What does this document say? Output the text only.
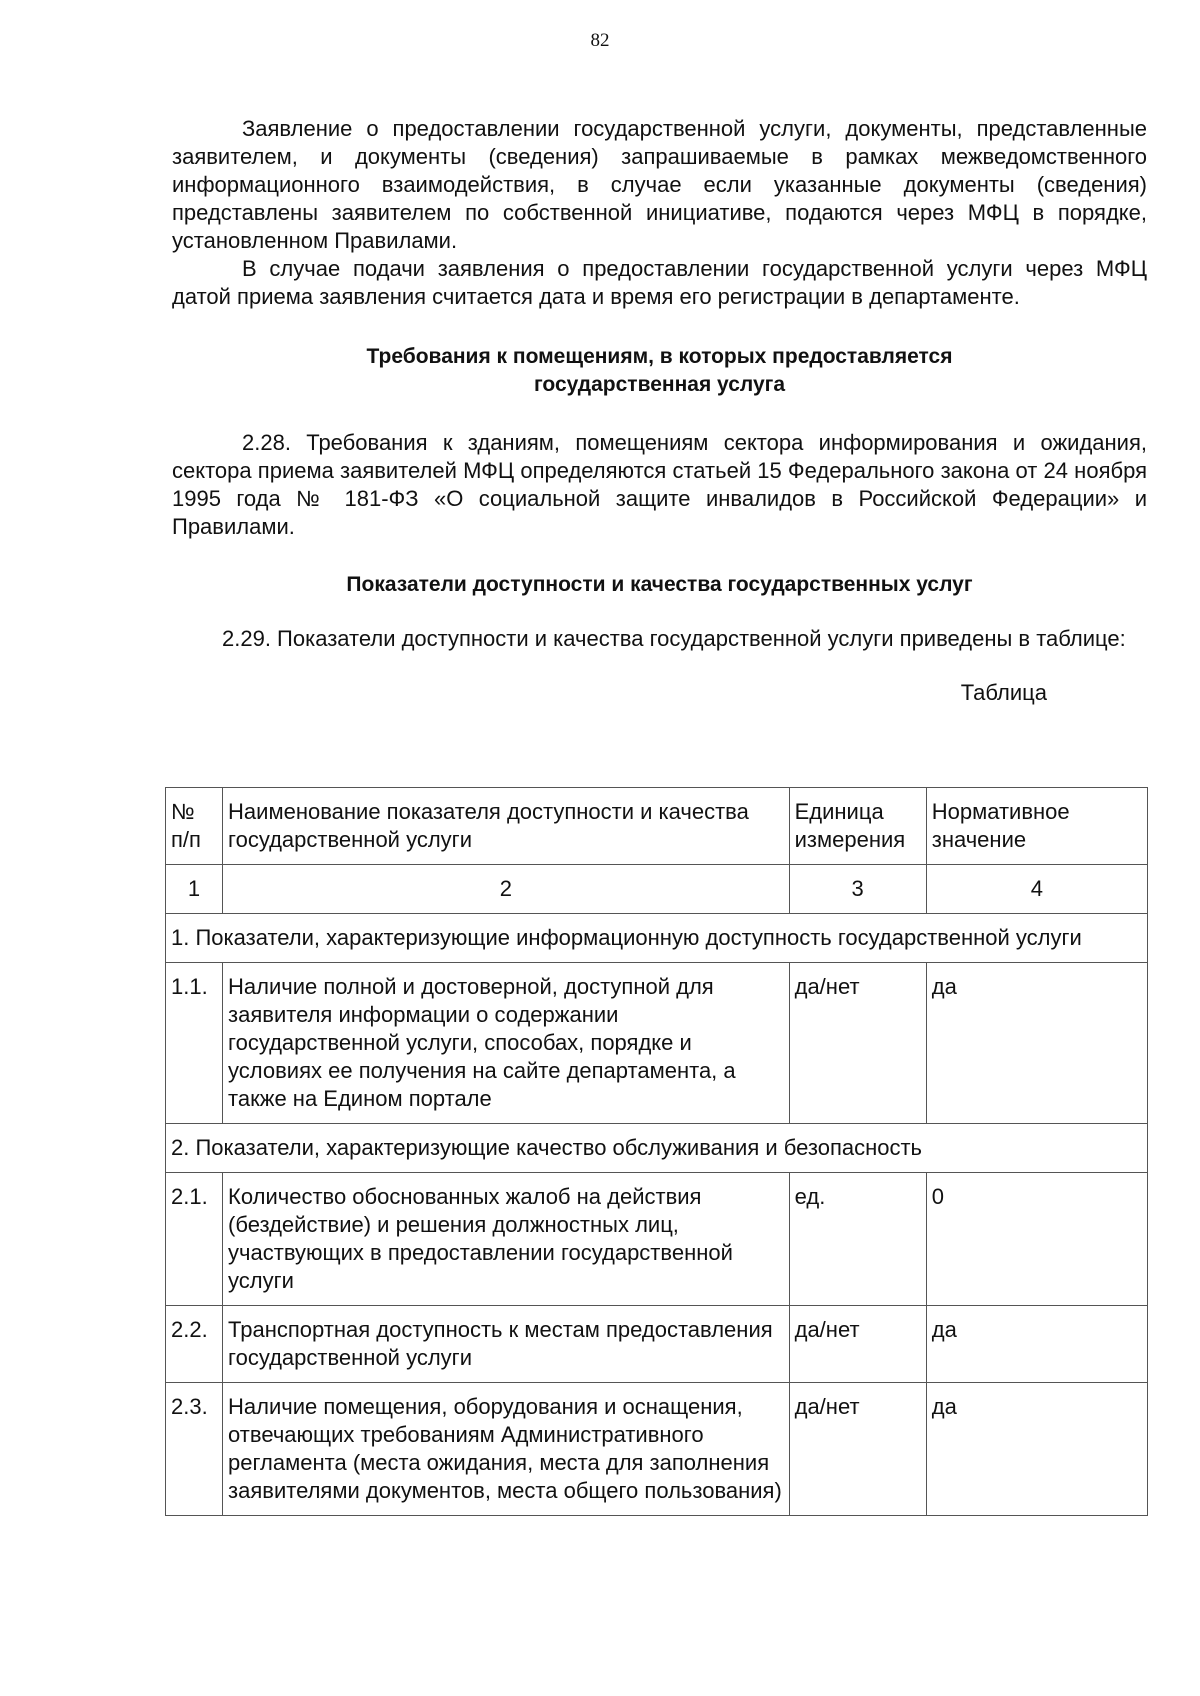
82

Заявление о предоставлении государственной услуги, документы, представленные заявителем, и документы (сведения) запрашиваемые в рамках межведомственного информационного взаимодействия, в случае если указанные документы (сведения) представлены заявителем по собственной инициативе, подаются через МФЦ в порядке, установленном Правилами.

В случае подачи заявления о предоставлении государственной услуги через МФЦ датой приема заявления считается дата и время его регистрации в департаменте.

Требования к помещениям, в которых предоставляется

государственная услуга

2.28. Требования к зданиям, помещениям сектора информирования и ожидания, сектора приема заявителей МФЦ определяются статьей 15 Федерального закона от 24 ноября 1995 года № 181-ФЗ «О социальной защите инвалидов в Российской Федерации» и Правилами.

Показатели доступности и качества государственных услуг

2.29. Показатели доступности и качества государственной услуги приведены в таблице:

Таблица

№ п/п	Наименование показателя доступности и качества государственной услуги	Единица измерения	Нормативное значение
1	2	3	4
1. Показатели, характеризующие информационную доступность государственной услуги			
1.1.	Наличие полной и достоверной, доступной для заявителя информации о содержании государственной услуги, способах, порядке и условиях ее получения на сайте департамента, а также на Едином портале	да/нет	да
2. Показатели, характеризующие качество обслуживания и безопасность			
2.1.	Количество обоснованных жалоб на действия (бездействие) и решения должностных лиц, участвующих в предоставлении государственной услуги	ед.	0
2.2.	Транспортная доступность к местам предоставления государственной услуги	да/нет	да
2.3.	Наличие помещения, оборудования и оснащения, отвечающих требованиям Административного регламента (места ожидания, места для заполнения заявителями документов, места общего пользования)	да/нет	да
